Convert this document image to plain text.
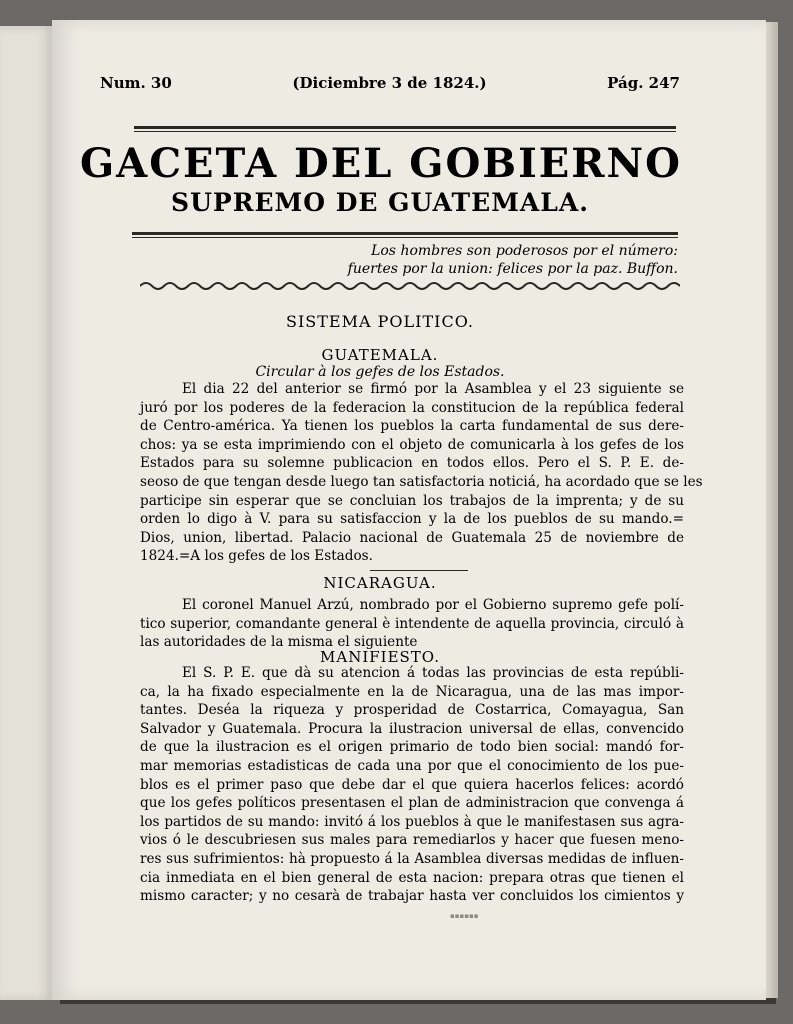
Num. 30	(Diciembre 3 de 1824.)	Pág. 247
GACETA DEL GOBIERNO
SUPREMO DE GUATEMALA.
Los hombres son poderosos por el número:
fuertes por la union: felices por la paz. Buffon.
SISTEMA POLITICO.
GUATEMALA.
Circular à los gefes de los Estados.
El dia 22 del anterior se firmó por la Asamblea y el 23 siguiente se
juró por los poderes de la federacion la constitucion de la república federal
de Centro-américa. Ya tienen los pueblos la carta fundamental de sus dere-
chos: ya se esta imprimiendo con el objeto de comunicarla à los gefes de los
Estados para su solemne publicacion en todos ellos. Pero el S. P. E. de-
seoso de que tengan desde luego tan satisfactoria noticiá, ha acordado que se les
participe sin esperar que se concluian los trabajos de la imprenta; y de su
orden lo digo à V. para su satisfaccion y la de los pueblos de su mando.=
Dios, union, libertad. Palacio nacional de Guatemala 25 de noviembre de
1824.=A los gefes de los Estados.
NICARAGUA.
El coronel Manuel Arzú, nombrado por el Gobierno supremo gefe polí-
tico superior, comandante general è intendente de aquella provincia, circuló à
las autoridades de la misma el siguiente
MANIFIESTO.
El S. P. E. que dà su atencion á todas las provincias de esta repúbli-
ca, la ha fixado especialmente en la de Nicaragua, una de las mas impor-
tantes. Deséa la riqueza y prosperidad de Costarrica, Comayagua, San
Salvador y Guatemala. Procura la ilustracion universal de ellas, convencido
de que la ilustracion es el origen primario de todo bien social: mandó for-
mar memorias estadisticas de cada una por que el conocimiento de los pue-
blos es el primer paso que debe dar el que quiera hacerlos felices: acordó
que los gefes políticos presentasen el plan de administracion que convenga á
los partidos de su mando: invitó á los pueblos à que le manifestasen sus agra-
vios ó le descubriesen sus males para remediarlos y hacer que fuesen meno-
res sus sufrimientos: hà propuesto á la Asamblea diversas medidas de influen-
cia inmediata en el bien general de esta nacion: prepara otras que tienen el
mismo caracter; y no cesarà de trabajar hasta ver concluidos los cimientos y
▪▪▪▪▪▪
